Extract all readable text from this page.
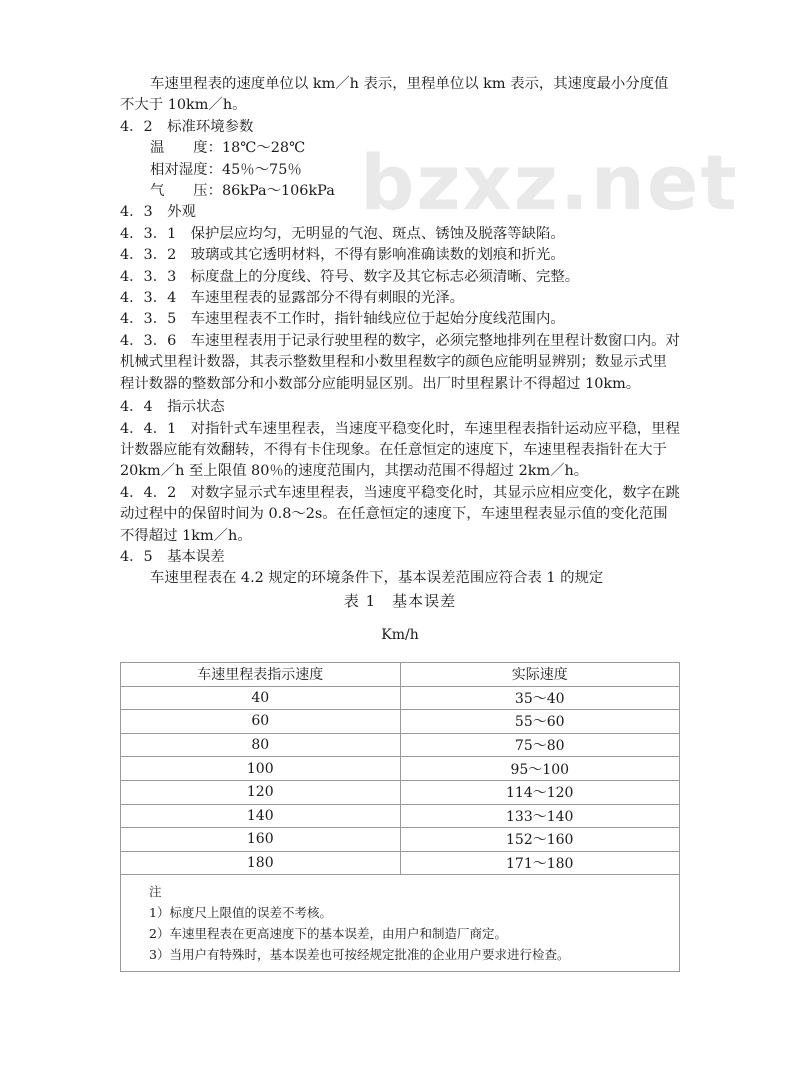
bzxz.net

车速里程表的速度单位以 km／h 表示，里程单位以 km 表示，其速度最小分度值不大于 10km／h。

4．2　标准环境参数

温　　度：18℃～28℃

相对湿度：45％～75％

气　　压：86kPa～106kPa

4．3　外观

4．3．1　保护层应均匀，无明显的气泡、斑点、锈蚀及脱落等缺陷。

4．3．2　玻璃或其它透明材料，不得有影响准确读数的划痕和折光。

4．3．3　标度盘上的分度线、符号、数字及其它标志必须清晰、完整。

4．3．4　车速里程表的显露部分不得有刺眼的光泽。

4．3．5　车速里程表不工作时，指针轴线应位于起始分度线范围内。

4．3．6　车速里程表用于记录行驶里程的数字，必须完整地排列在里程计数窗口内。对机械式里程计数器，其表示整数里程和小数里程数字的颜色应能明显辨别；数显示式里程计数器的整数部分和小数部分应能明显区别。出厂时里程累计不得超过 10km。

4．4　指示状态

4．4．1　对指针式车速里程表，当速度平稳变化时，车速里程表指针运动应平稳，里程计数器应能有效翻转，不得有卡住现象。在任意恒定的速度下，车速里程表指针在大于 20km／h 至上限值 80％的速度范围内，其摆动范围不得超过 2km／h。

4．4．2　对数字显示式车速里程表，当速度平稳变化时，其显示应相应变化，数字在跳动过程中的保留时间为 0.8～2s。在任意恒定的速度下，车速里程表显示值的变化范围不得超过 1km／h。

4．5　基本误差

车速里程表在 4.2 规定的环境条件下，基本误差范围应符合表 1 的规定

表 1　基本误差
Km/h
车速里程表指示速度	实际速度
40	35～40
60	55～60
80	75～80
100	95～100
120	114～120
140	133～140
160	152～160
180	171～180

注
1）标度尺上限值的误差不考核。
2）车速里程表在更高速度下的基本误差，由用户和制造厂商定。
3）当用户有特殊时，基本误差也可按经规定批准的企业用户要求进行检查。	
